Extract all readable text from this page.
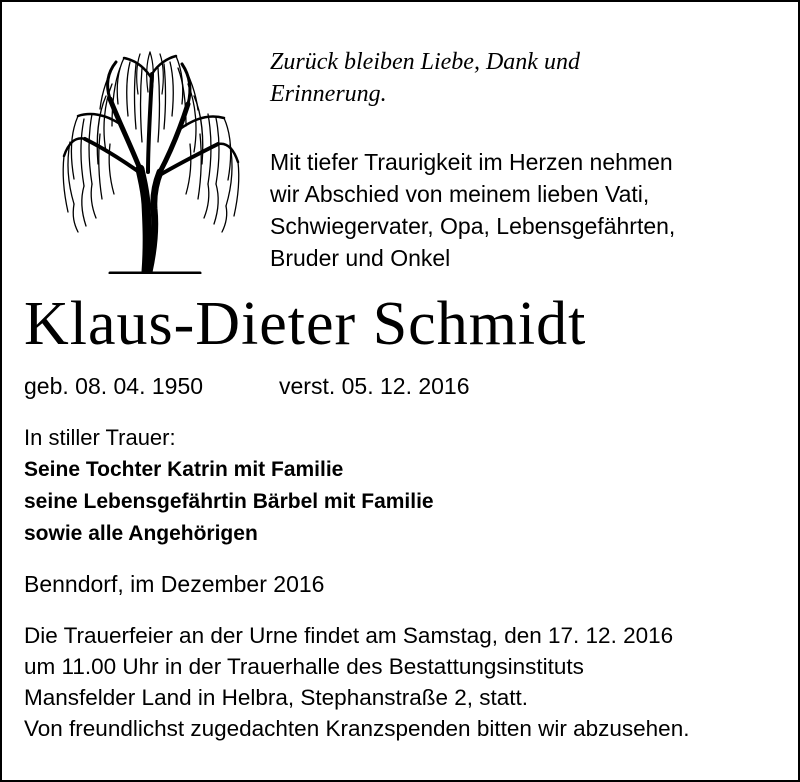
Zurück bleiben Liebe, Dank und
Erinnerung.
Mit tiefer Traurigkeit im Herzen nehmen
wir Abschied von meinem lieben Vati,
Schwiegervater, Opa, Lebensgefährten,
Bruder und Onkel
Klaus-Dieter Schmidt
geb. 08. 04. 1950	verst. 05. 12. 2016
In stiller Trauer:
Seine Tochter Katrin mit Familie
seine Lebensgefährtin Bärbel mit Familie
sowie alle Angehörigen
Benndorf, im Dezember 2016
Die Trauerfeier an der Urne findet am Samstag, den 17. 12. 2016
um 11.00 Uhr in der Trauerhalle des Bestattungsinstituts
Mansfelder Land in Helbra, Stephanstraße 2, statt.
Von freundlichst zugedachten Kranzspenden bitten wir abzusehen.
